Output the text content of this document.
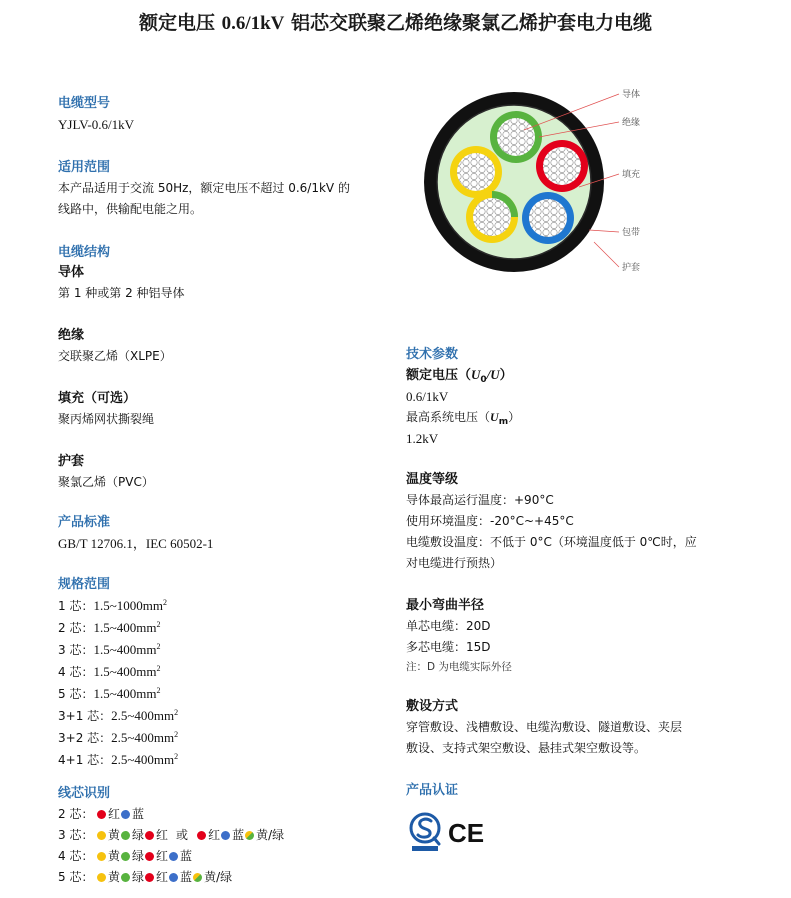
额定电压 0.6/1kV 铝芯交联聚乙烯绝缘聚氯乙烯护套电力电缆
导体
绝缘
填充
包带
护套
电缆型号
YJLV-0.6/1kV
适用范围
本产品适用于交流 50Hz，额定电压不超过 0.6/1kV 的
线路中，供输配电能之用。
电缆结构
导体
第 1 种或第 2 种铝导体
绝缘
交联聚乙烯（XLPE）
填充（可选）
聚丙烯网状撕裂绳
护套
聚氯乙烯（PVC）
产品标准
GB/T 12706.1，IEC 60502-1
规格范围
1 芯：$1.5\sim 1000mm^2$
2 芯：$1.5\sim 400mm^2$
3 芯：$1.5\sim 400mm^2$
4 芯：$1.5\sim 400mm^2$
5 芯：$1.5\sim 400mm^2$
3+1 芯：$2.5\sim 400mm^2$
3+2 芯：$2.5\sim 400mm^2$
4+1 芯：$2.5\sim 400mm^2$
线芯识别
2 芯： 红 蓝
3 芯： 黄 绿 红 或 红 蓝 黄/绿
4 芯： 黄 绿 红 蓝
5 芯： 黄 绿 红 蓝 黄/绿
技术参数
额定电压$(U_0/U)$
0.6/1kV
最高系统电压$(U_m)$
1.2kV
温度等级
导体最高运行温度：+90°C
使用环境温度：-20°C~+45°C
电缆敷设温度：不低于 0°C（环境温度低于 0℃时，应
对电缆进行预热）
最小弯曲半径
单芯电缆：20D
多芯电缆：15D
注：D 为电缆实际外径
敷设方式
穿管敷设、浅槽敷设、电缆沟敷设、隧道敷设、夹层
敷设、支持式架空敷设、悬挂式架空敷设等。
产品认证
CE
